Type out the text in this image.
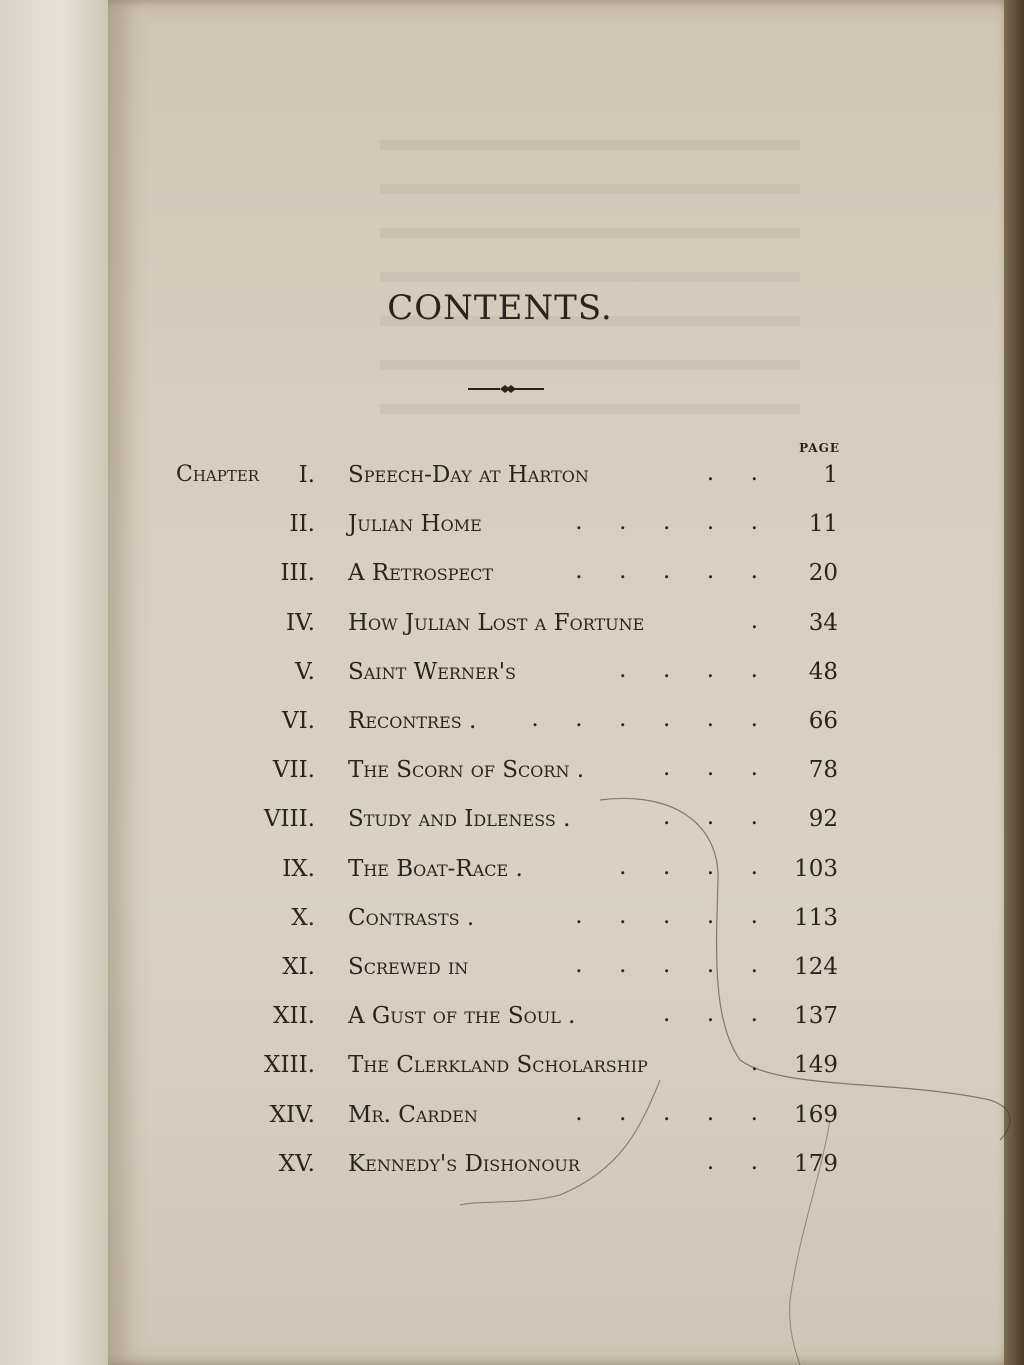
CONTENTS.
PAGE
Chapter I. Speech-Day at Harton	.     .	1
II. Julian Home	.     .     .     .     .	11
III. A Retrospect	.     .     .     .     .	20
IV. How Julian Lost a Fortune	.	34
V. Saint Werner's	.     .     .     .	48
VI. Recontres . .     .     .     .     .     .	66
VII. The Scorn of Scorn .	.     .     .	78
VIII. Study and Idleness .	.     .     .	92
IX. The Boat-Race .	.     .     .     .	103
X. Contrasts .	.     .     .     .     .	113
XI. Screwed in	.     .     .     .     .	124
XII. A Gust of the Soul .	.     .     .	137
XIII. The Clerkland Scholarship	.	149
XIV. Mr. Carden	.     .     .     .     .	169
XV. Kennedy's Dishonour	.     .	179
